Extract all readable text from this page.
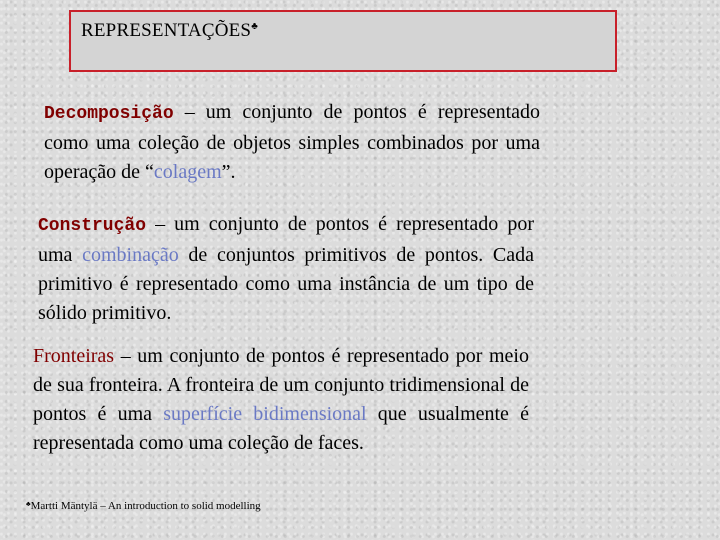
REPRESENTAÇÕES♣

Decomposição – um conjunto de pontos é representado como uma coleção de objetos simples combinados por uma operação de “colagem”.

Construção – um conjunto de pontos é representado por uma combinação de conjuntos primitivos de pontos. Cada primitivo é representado como uma instância de um tipo de sólido primitivo.

Fronteiras – um conjunto de pontos é representado por meio de sua fronteira. A fronteira de um conjunto tridimensional de pontos é uma superfície bidimensional que usualmente é representada como uma coleção de faces.

♣Martti Mäntylä – An introduction to solid modelling
